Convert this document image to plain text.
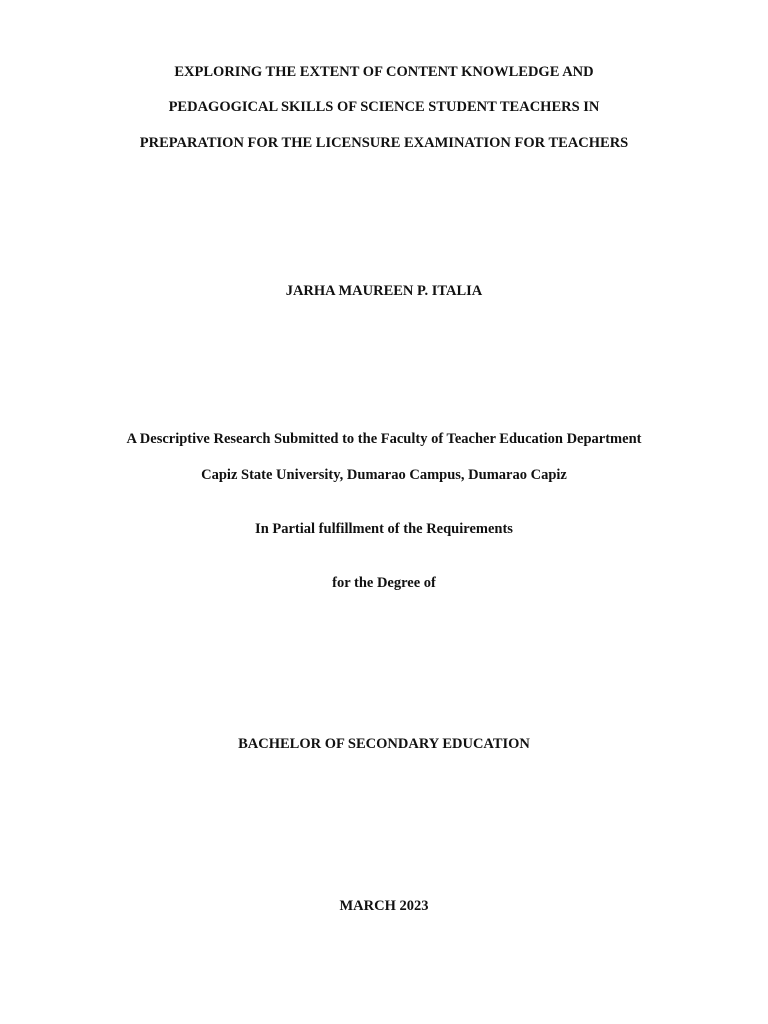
EXPLORING THE EXTENT OF CONTENT KNOWLEDGE AND
PEDAGOGICAL SKILLS OF SCIENCE STUDENT TEACHERS IN
PREPARATION FOR THE LICENSURE EXAMINATION FOR TEACHERS
JARHA MAUREEN P. ITALIA
A Descriptive Research Submitted to the Faculty of Teacher Education Department
Capiz State University, Dumarao Campus, Dumarao Capiz
In Partial fulfillment of the Requirements
for the Degree of
BACHELOR OF SECONDARY EDUCATION
MARCH 2023
